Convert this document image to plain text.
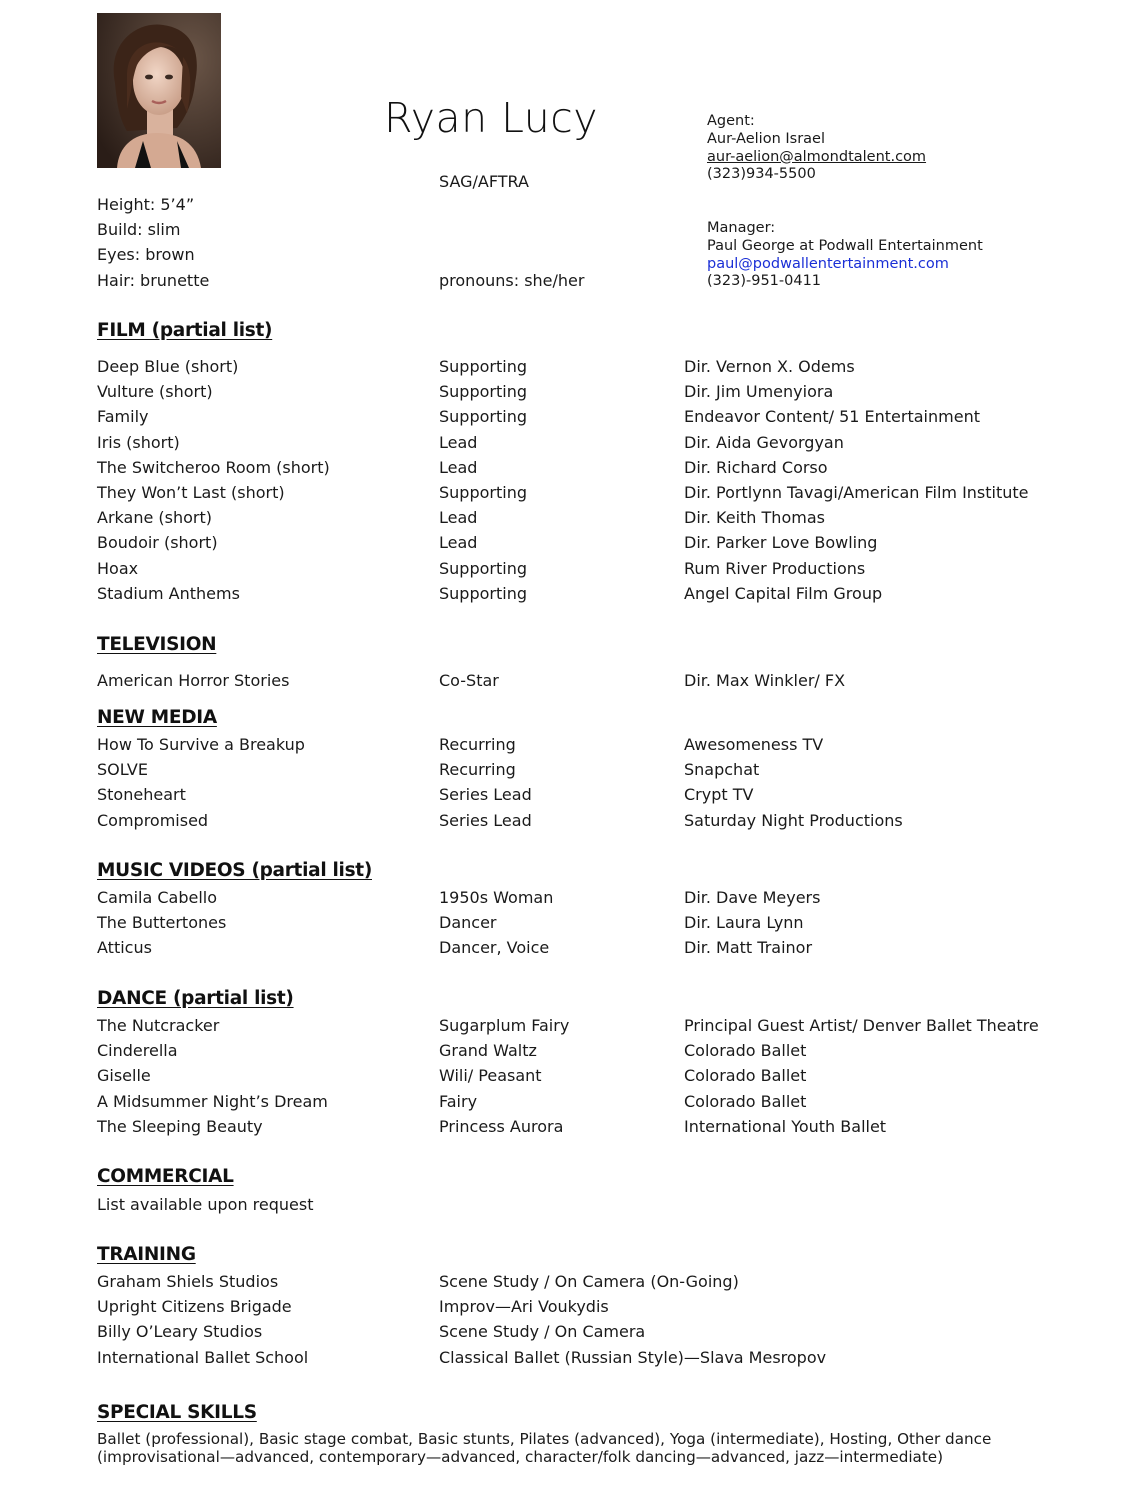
Ryan Lucy
SAG/AFTRA
pronouns: she/her
Agent:
Aur-Aelion Israel
aur-aelion@almondtalent.com
(323)934-5500
Manager:
Paul George at Podwall Entertainment
paul@podwallentertainment.com
(323)-951-0411
Height: 5’4”
Build: slim
Eyes: brown
Hair: brunette
FILM (partial list)
Deep Blue (short)	Supporting	Dir. Vernon X. Odems
Vulture (short)	Supporting	Dir. Jim Umenyiora
Family	Supporting	Endeavor Content/ 51 Entertainment
Iris (short)	Lead	Dir. Aida Gevorgyan
The Switcheroo Room (short)	Lead	Dir. Richard Corso
They Won’t Last (short)	Supporting	Dir. Portlynn Tavagi/American Film Institute
Arkane (short)	Lead	Dir. Keith Thomas
Boudoir (short)	Lead	Dir. Parker Love Bowling
Hoax	Supporting	Rum River Productions
Stadium Anthems	Supporting	Angel Capital Film Group
TELEVISION
American Horror Stories	Co-Star	Dir. Max Winkler/ FX
NEW MEDIA
How To Survive a Breakup	Recurring	Awesomeness TV
SOLVE	Recurring	Snapchat
Stoneheart	Series Lead	Crypt TV
Compromised	Series Lead	Saturday Night Productions
MUSIC VIDEOS (partial list)
Camila Cabello	1950s Woman	Dir. Dave Meyers
The Buttertones	Dancer	Dir. Laura Lynn
Atticus	Dancer, Voice	Dir. Matt Trainor
DANCE (partial list)
The Nutcracker	Sugarplum Fairy	Principal Guest Artist/ Denver Ballet Theatre
Cinderella	Grand Waltz	Colorado Ballet
Giselle	Wili/ Peasant	Colorado Ballet
A Midsummer Night’s Dream	Fairy	Colorado Ballet
The Sleeping Beauty	Princess Aurora	International Youth Ballet
COMMERCIAL
List available upon request
TRAINING
Graham Shiels Studios	Scene Study / On Camera (On-Going)
Upright Citizens Brigade	Improv—Ari Voukydis
Billy O’Leary Studios	Scene Study / On Camera
International Ballet School	Classical Ballet (Russian Style)—Slava Mesropov
SPECIAL SKILLS
Ballet (professional), Basic stage combat, Basic stunts, Pilates (advanced), Yoga (intermediate), Hosting, Other dance (improvisational—advanced, contemporary—advanced, character/folk dancing—advanced, jazz—intermediate)
